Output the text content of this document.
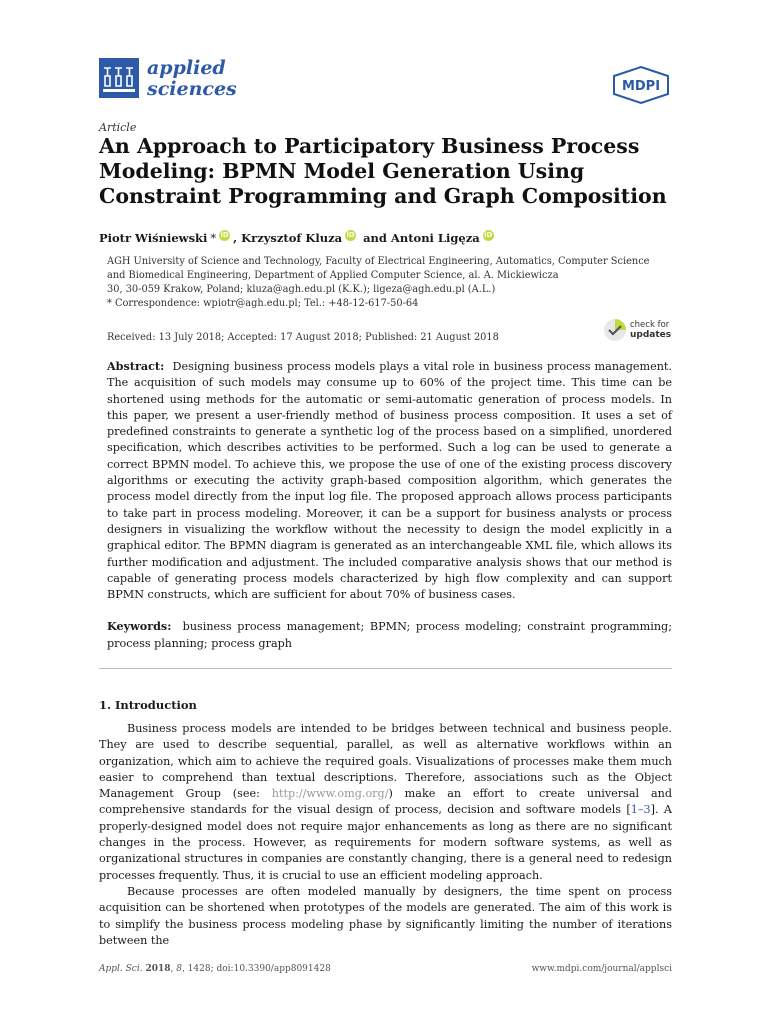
applied
sciences	MDPI
Article
An Approach to Participatory Business Process Modeling: BPMN Model Generation Using Constraint Programming and Graph Composition
Piotr Wiśniewski * iD , Krzysztof Kluza iD and Antoni Ligęza iD
AGH University of Science and Technology, Faculty of Electrical Engineering, Automatics, Computer Science
and Biomedical Engineering, Department of Applied Computer Science, al. A. Mickiewicza
30, 30-059 Krakow, Poland; kluza@agh.edu.pl (K.K.); ligeza@agh.edu.pl (A.L.)
* Correspondence: wpiotr@agh.edu.pl; Tel.: +48-12-617-50-64
Received: 13 July 2018; Accepted: 17 August 2018; Published: 21 August 2018
check for
updates
Abstract: Designing business process models plays a vital role in business process management. The acquisition of such models may consume up to 60% of the project time. This time can be shortened using methods for the automatic or semi-automatic generation of process models. In this paper, we present a user-friendly method of business process composition. It uses a set of predefined constraints to generate a synthetic log of the process based on a simplified, unordered specification, which describes activities to be performed. Such a log can be used to generate a correct BPMN model. To achieve this, we propose the use of one of the existing process discovery algorithms or executing the activity graph-based composition algorithm, which generates the process model directly from the input log file. The proposed approach allows process participants to take part in process modeling. Moreover, it can be a support for business analysts or process designers in visualizing the workflow without the necessity to design the model explicitly in a graphical editor. The BPMN diagram is generated as an interchangeable XML file, which allows its further modification and adjustment. The included comparative analysis shows that our method is capable of generating process models characterized by high flow complexity and can support BPMN constructs, which are sufficient for about 70% of business cases.
Keywords: business process management; BPMN; process modeling; constraint programming; process planning; process graph
1. Introduction

Business process models are intended to be bridges between technical and business people. They are used to describe sequential, parallel, as well as alternative workflows within an organization, which aim to achieve the required goals. Visualizations of processes make them much easier to comprehend than textual descriptions. Therefore, associations such as the Object Management Group (see: http://www.omg.org/) make an effort to create universal and comprehensive standards for the visual design of process, decision and software models [1–3]. A properly-designed model does not require major enhancements as long as there are no significant changes in the process. However, as requirements for modern software systems, as well as organizational structures in companies are constantly changing, there is a general need to redesign processes frequently. Thus, it is crucial to use an efficient modeling approach.

Because processes are often modeled manually by designers, the time spent on process acquisition can be shortened when prototypes of the models are generated. The aim of this work is to simplify the business process modeling phase by significantly limiting the number of iterations between the

Appl. Sci. 2018, 8, 1428; doi:10.3390/app8091428	www.mdpi.com/journal/applsci
